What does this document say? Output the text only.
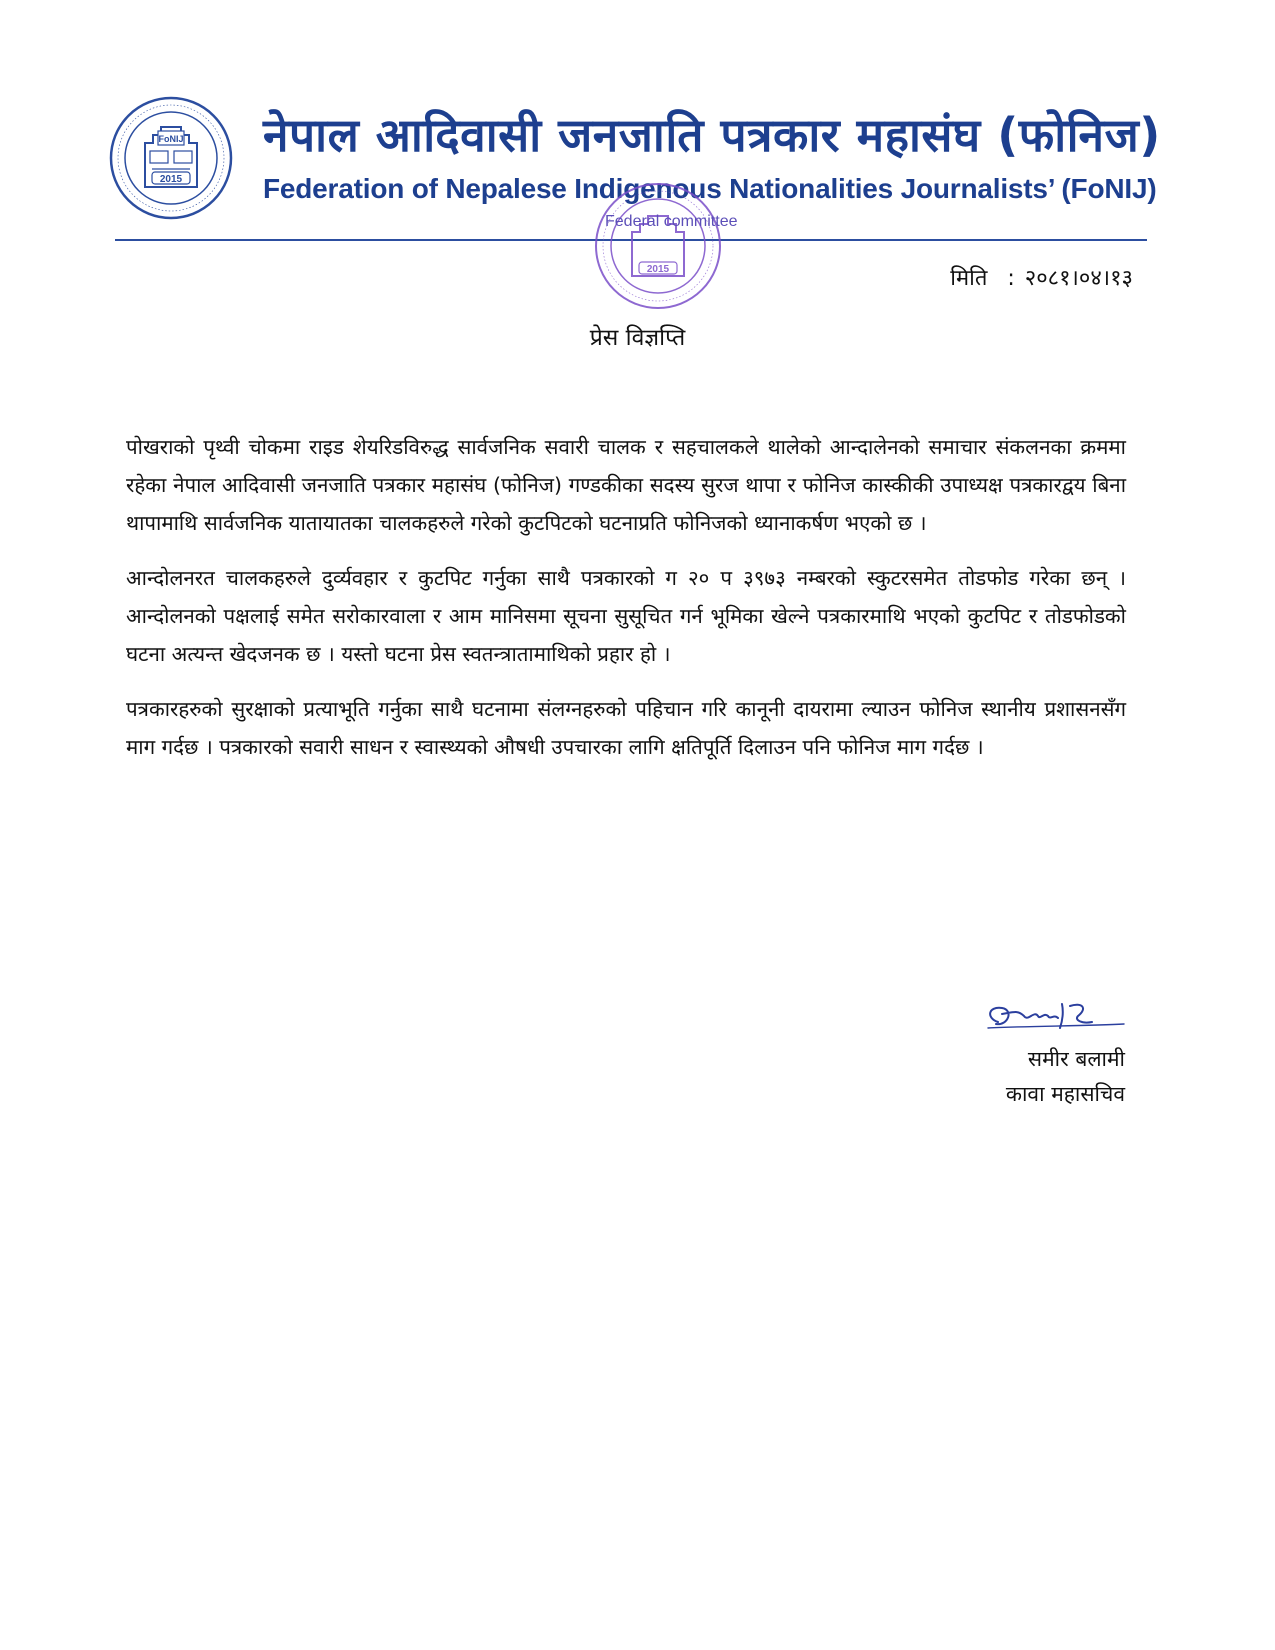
FoNIJ
2015
नेपाल आदिवासी जनजाति पत्रकार महासंघ (फोनिज)
Federation of Nepalese Indigenous Nationalities Journalists’ (FoNIJ)
2015
Federal committee
मिति : २०८१।०४।१३
प्रेस विज्ञप्ति

पोखराको पृथ्वी चोकमा राइड शेयरिडविरुद्ध सार्वजनिक सवारी चालक र सहचालकले थालेको आन्दालेनको समाचार संकलनका क्रममा रहेका नेपाल आदिवासी जनजाति पत्रकार महासंघ (फोनिज) गण्डकीका सदस्य सुरज थापा र फोनिज कास्कीकी उपाध्यक्ष पत्रकारद्वय बिना थापामाथि सार्वजनिक यातायातका चालकहरुले गरेको कुटपिटको घटनाप्रति फोनिजको ध्यानाकर्षण भएको छ ।

आन्दोलनरत चालकहरुले दुर्व्यवहार र कुटपिट गर्नुका साथै पत्रकारको ग २० प ३९७३ नम्बरको स्कुटरसमेत तोडफोड गरेका छन् । आन्दोलनको पक्षलाई समेत सरोकारवाला र आम मानिसमा सूचना सुसूचित गर्न भूमिका खेल्ने पत्रकारमाथि भएको कुटपिट र तोडफोडको घटना अत्यन्त खेदजनक छ । यस्तो घटना प्रेस स्वतन्त्रातामाथिको प्रहार हो ।

पत्रकारहरुको सुरक्षाको प्रत्याभूति गर्नुका साथै घटनामा संलग्नहरुको पहिचान गरि कानूनी दायरामा ल्याउन फोनिज स्थानीय प्रशासनसँग माग गर्दछ । पत्रकारको सवारी साधन र स्वास्थ्यको औषधी उपचारका लागि क्षतिपूर्ति दिलाउन पनि फोनिज माग गर्दछ ।

समीर बलामी
कावा महासचिव
